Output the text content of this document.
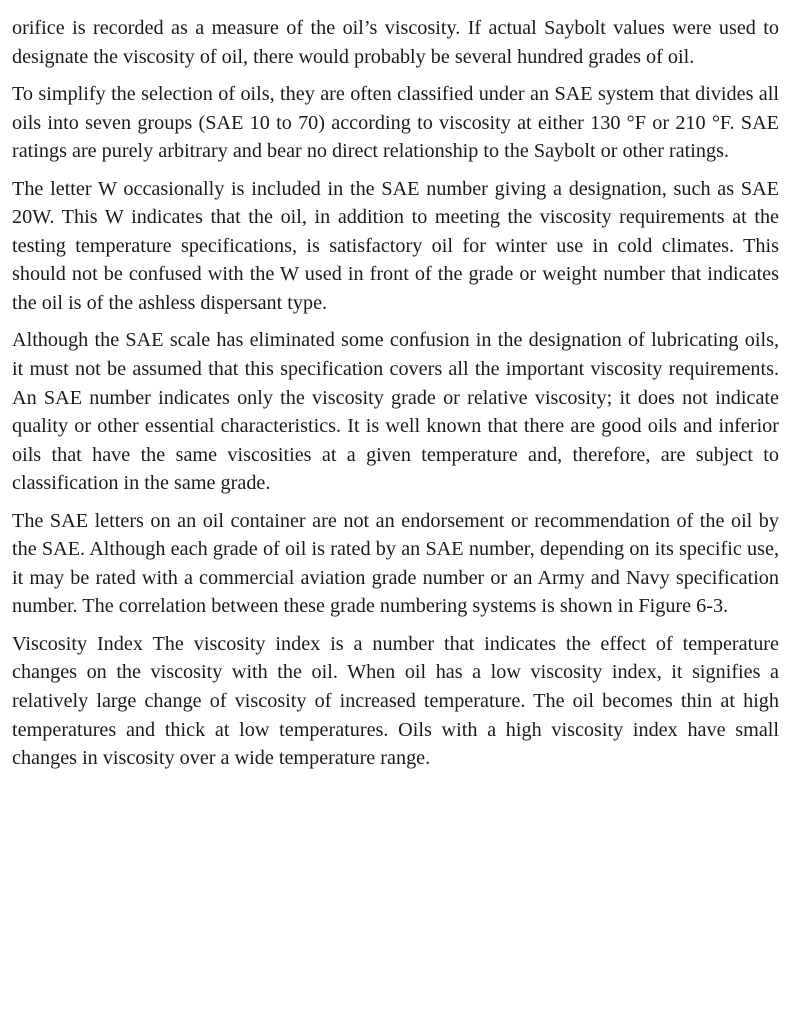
orifice is recorded as a measure of the oil’s viscosity. If actual Saybolt values were used to designate the viscosity of oil, there would probably be several hundred grades of oil.

To simplify the selection of oils, they are often classified under an SAE system that divides all oils into seven groups (SAE 10 to 70) according to viscosity at either 130 °F or 210 °F. SAE ratings are purely arbitrary and bear no direct relationship to the Saybolt or other ratings.

The letter W occasionally is included in the SAE number giving a designation, such as SAE 20W. This W indicates that the oil, in addition to meeting the viscosity requirements at the testing temperature specifications, is satisfactory oil for winter use in cold climates. This should not be confused with the W used in front of the grade or weight number that indicates the oil is of the ashless dispersant type.

Although the SAE scale has eliminated some confusion in the designation of lubricating oils, it must not be assumed that this specification covers all the important viscosity requirements. An SAE number indicates only the viscosity grade or relative viscosity; it does not indicate quality or other essential characteristics. It is well known that there are good oils and inferior oils that have the same viscosities at a given temperature and, therefore, are subject to classification in the same grade.

The SAE letters on an oil container are not an endorsement or recommendation of the oil by the SAE. Although each grade of oil is rated by an SAE number, depending on its specific use, it may be rated with a commercial aviation grade number or an Army and Navy specification number. The correlation between these grade numbering systems is shown in Figure 6-3.

Viscosity Index The viscosity index is a number that indicates the effect of temperature changes on the viscosity with the oil. When oil has a low viscosity index, it signifies a relatively large change of viscosity of increased temperature. The oil becomes thin at high temperatures and thick at low temperatures. Oils with a high viscosity index have small changes in viscosity over a wide temperature range.
